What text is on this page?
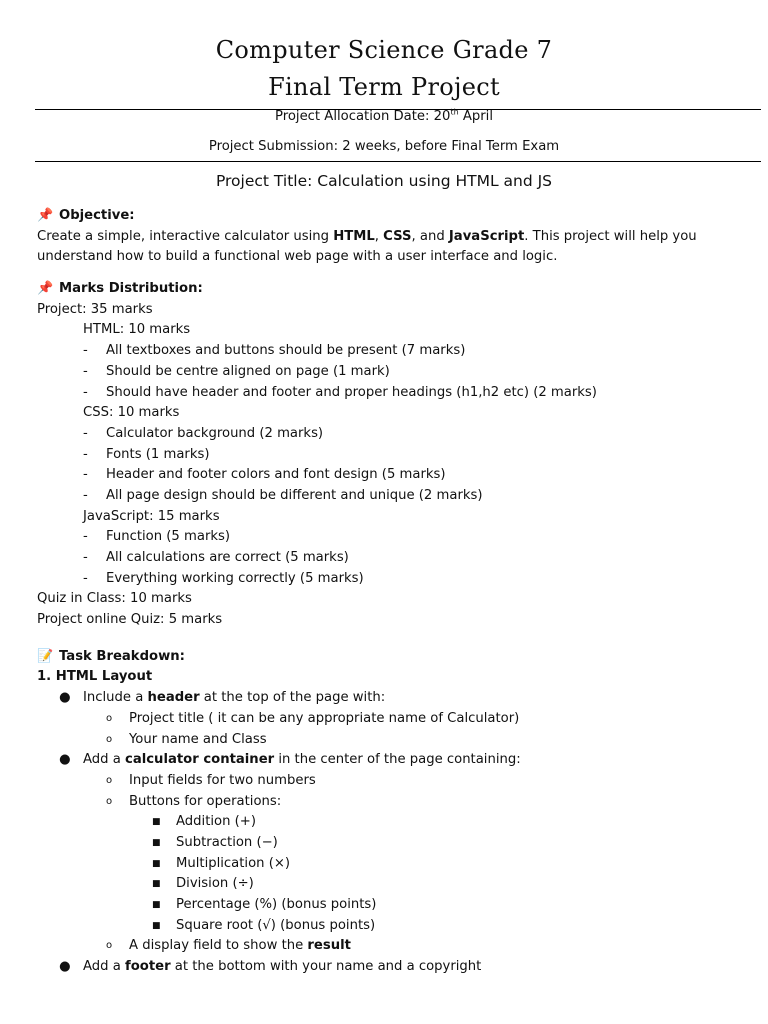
Computer Science Grade 7
Final Term Project
Project Allocation Date: 20th April
Project Submission: 2 weeks, before Final Term Exam
Project Title: Calculation using HTML and JS
📌 Objective:
Create a simple, interactive calculator using HTML, CSS, and JavaScript. This project will help you understand how to build a functional web page with a user interface and logic.
📌 Marks Distribution:
Project: 35 marks
HTML: 10 marks
- All textboxes and buttons should be present (7 marks)
- Should be centre aligned on page (1 mark)
- Should have header and footer and proper headings (h1,h2 etc) (2 marks)
CSS: 10 marks
- Calculator background (2 marks)
- Fonts (1 marks)
- Header and footer colors and font design (5 marks)
- All page design should be different and unique (2 marks)
JavaScript: 15 marks
- Function (5 marks)
- All calculations are correct (5 marks)
- Everything working correctly (5 marks)
Quiz in Class: 10 marks
Project online Quiz: 5 marks
📝 Task Breakdown:
1. HTML Layout
● Include a header at the top of the page with:
o Project title ( it can be any appropriate name of Calculator)
o Your name and Class
● Add a calculator container in the center of the page containing:
o Input fields for two numbers
o Buttons for operations:
■ Addition (+)
■ Subtraction (−)
■ Multiplication (×)
■ Division (÷)
■ Percentage (%) (bonus points)
■ Square root (√) (bonus points)
o A display field to show the result
● Add a footer at the bottom with your name and a copyright
